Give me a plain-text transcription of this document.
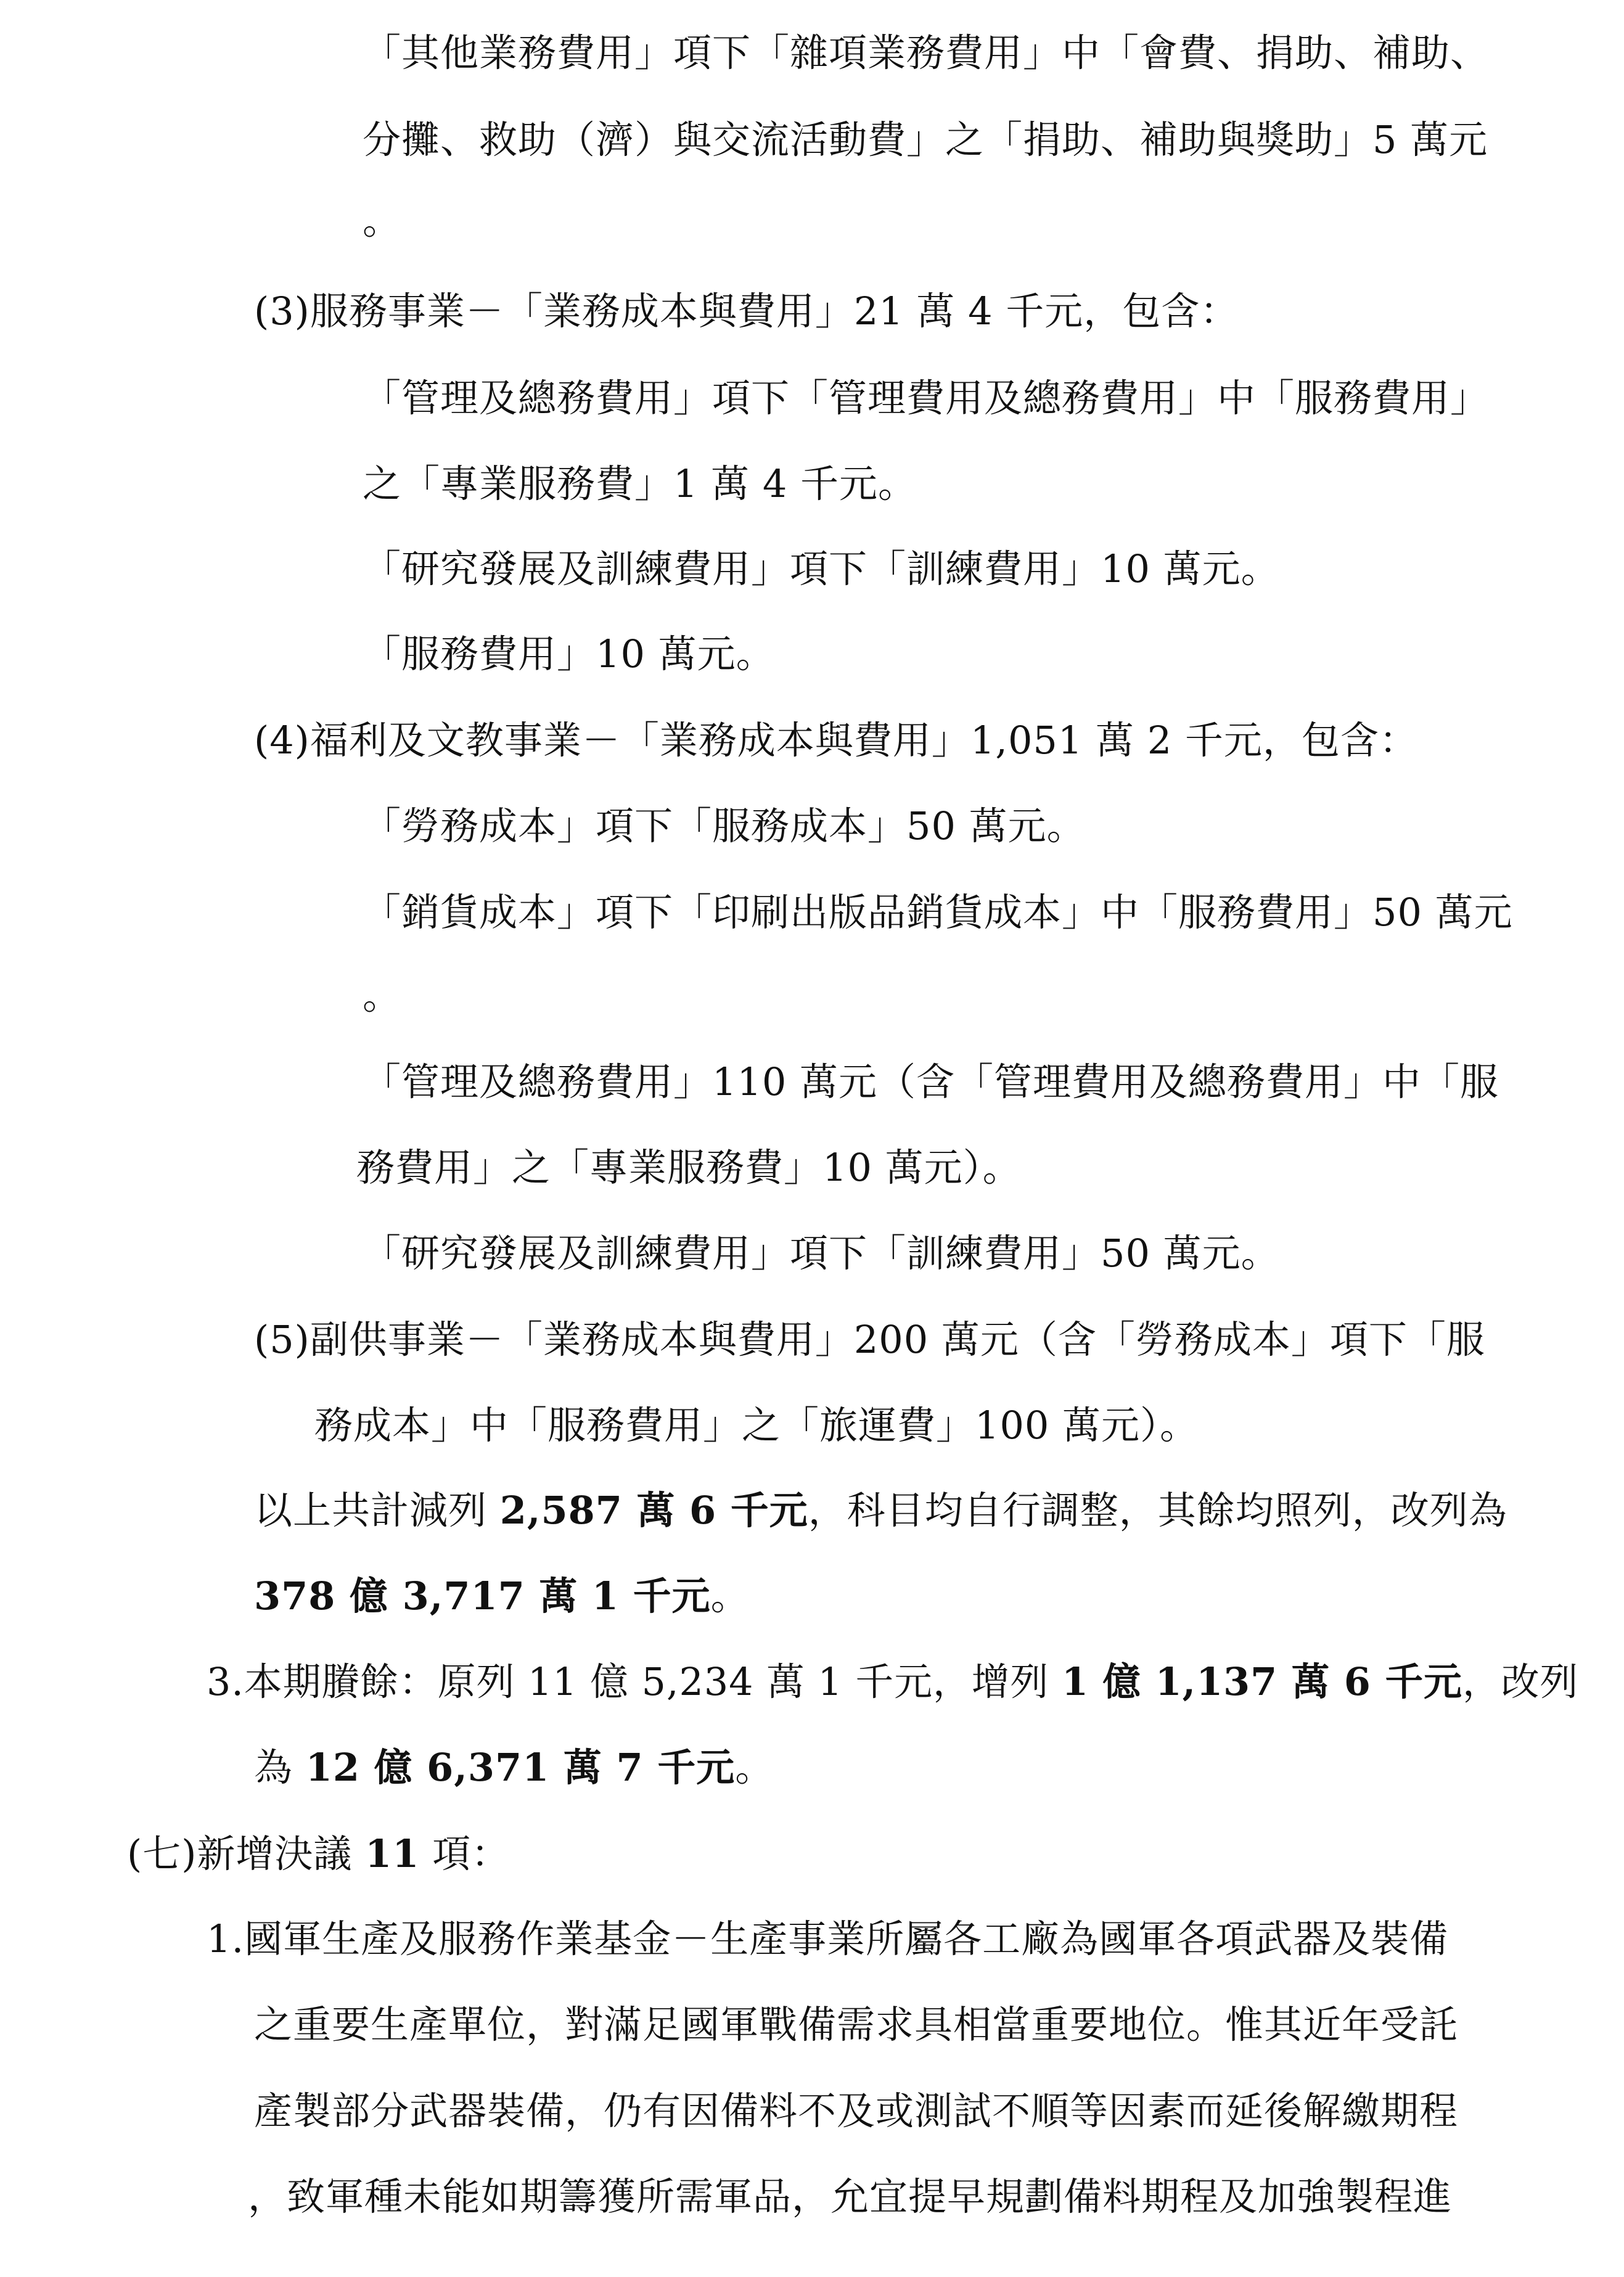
「其他業務費用」項下「雜項業務費用」中「會費、捐助、補助、
分攤、救助（濟）與交流活動費」之「捐助、補助與獎助」5 萬元
。
(3)服務事業－「業務成本與費用」21 萬 4 千元，包含：
「管理及總務費用」項下「管理費用及總務費用」中「服務費用」
之「專業服務費」1 萬 4 千元。
「研究發展及訓練費用」項下「訓練費用」10 萬元。
「服務費用」10 萬元。
(4)福利及文教事業－「業務成本與費用」1,051 萬 2 千元，包含：
「勞務成本」項下「服務成本」50 萬元。
「銷貨成本」項下「印刷出版品銷貨成本」中「服務費用」50 萬元
。
「管理及總務費用」110 萬元（含「管理費用及總務費用」中「服
務費用」之「專業服務費」10 萬元）。
「研究發展及訓練費用」項下「訓練費用」50 萬元。
(5)副供事業－「業務成本與費用」200 萬元（含「勞務成本」項下「服
務成本」中「服務費用」之「旅運費」100 萬元）。
以上共計減列 2,587 萬 6 千元，科目均自行調整，其餘均照列，改列為
378 億 3,717 萬 1 千元。
3.本期賸餘：原列 11 億 5,234 萬 1 千元，增列 1 億 1,137 萬 6 千元，改列
為 12 億 6,371 萬 7 千元。
(七)新增決議 11 項：
1.國軍生產及服務作業基金－生產事業所屬各工廠為國軍各項武器及裝備
之重要生產單位，對滿足國軍戰備需求具相當重要地位。惟其近年受託
產製部分武器裝備，仍有因備料不及或測試不順等因素而延後解繳期程
，致軍種未能如期籌獲所需軍品，允宜提早規劃備料期程及加強製程進
